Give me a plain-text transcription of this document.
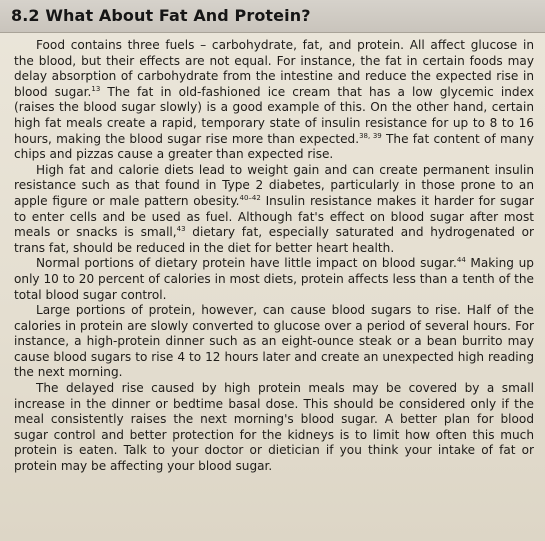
8.2 What About Fat And Protein?

Food contains three fuels – carbohydrate, fat, and protein. All affect glucose in the blood, but their effects are not equal. For instance, the fat in certain foods may delay absorption of carbohydrate from the intestine and reduce the expected rise in blood sugar.$^{13}$ The fat in old-fashioned ice cream that has a low glycemic index (raises the blood sugar slowly) is a good example of this. On the other hand, certain high fat meals create a rapid, temporary state of insulin resistance for up to 8 to 16 hours, making the blood sugar rise more than expected.$^{38, 39}$ The fat content of many chips and pizzas cause a greater than expected rise.

High fat and calorie diets lead to weight gain and can create permanent insulin resistance such as that found in Type 2 diabetes, particularly in those prone to an apple figure or male pattern obesity.$^{40-42}$ Insulin resistance makes it harder for sugar to enter cells and be used as fuel. Although fat's effect on blood sugar after most meals or snacks is small,$^{43}$ dietary fat, especially saturated and hydrogenated or trans fat, should be reduced in the diet for better heart health.

Normal portions of dietary protein have little impact on blood sugar.$^{44}$ Making up only 10 to 20 percent of calories in most diets, protein affects less than a tenth of the total blood sugar control.

Large portions of protein, however, can cause blood sugars to rise. Half of the calories in protein are slowly converted to glucose over a period of several hours. For instance, a high-protein dinner such as an eight-ounce steak or a bean burrito may cause blood sugars to rise 4 to 12 hours later and create an unexpected high reading the next morning.

The delayed rise caused by high protein meals may be covered by a small increase in the dinner or bedtime basal dose. This should be considered only if the meal consistently raises the next morning's blood sugar. A better plan for blood sugar control and better protection for the kidneys is to limit how often this much protein is eaten. Talk to your doctor or dietician if you think your intake of fat or protein may be affecting your blood sugar.
